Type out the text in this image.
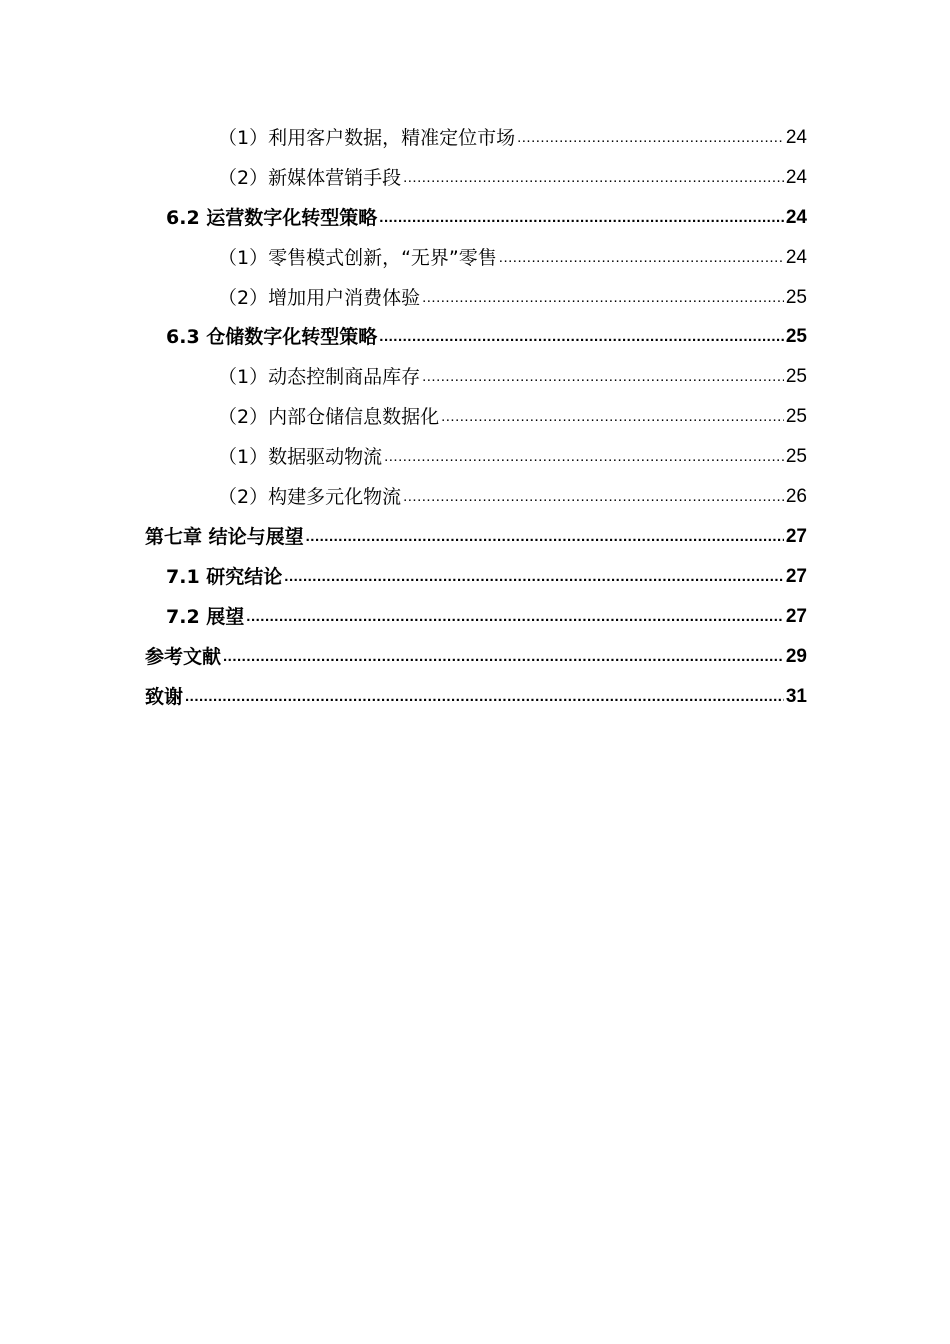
（1）利用客户数据，精准定位市场 .....	24
（2）新媒体营销手段 .....	24
6.2 运营数字化转型策略 .....	24
（1）零售模式创新，“无界”零售 .....	24
（2）增加用户消费体验 .....	25
6.3 仓储数字化转型策略 .....	25
（1）动态控制商品库存 .....	25
（2）内部仓储信息数据化 .....	25
（1）数据驱动物流 .....	25
（2）构建多元化物流 .....	26
第七章 结论与展望 .....	27
7.1 研究结论 .....	27
7.2 展望 .....	27
参考文献 .....	29
致谢 .....	31
